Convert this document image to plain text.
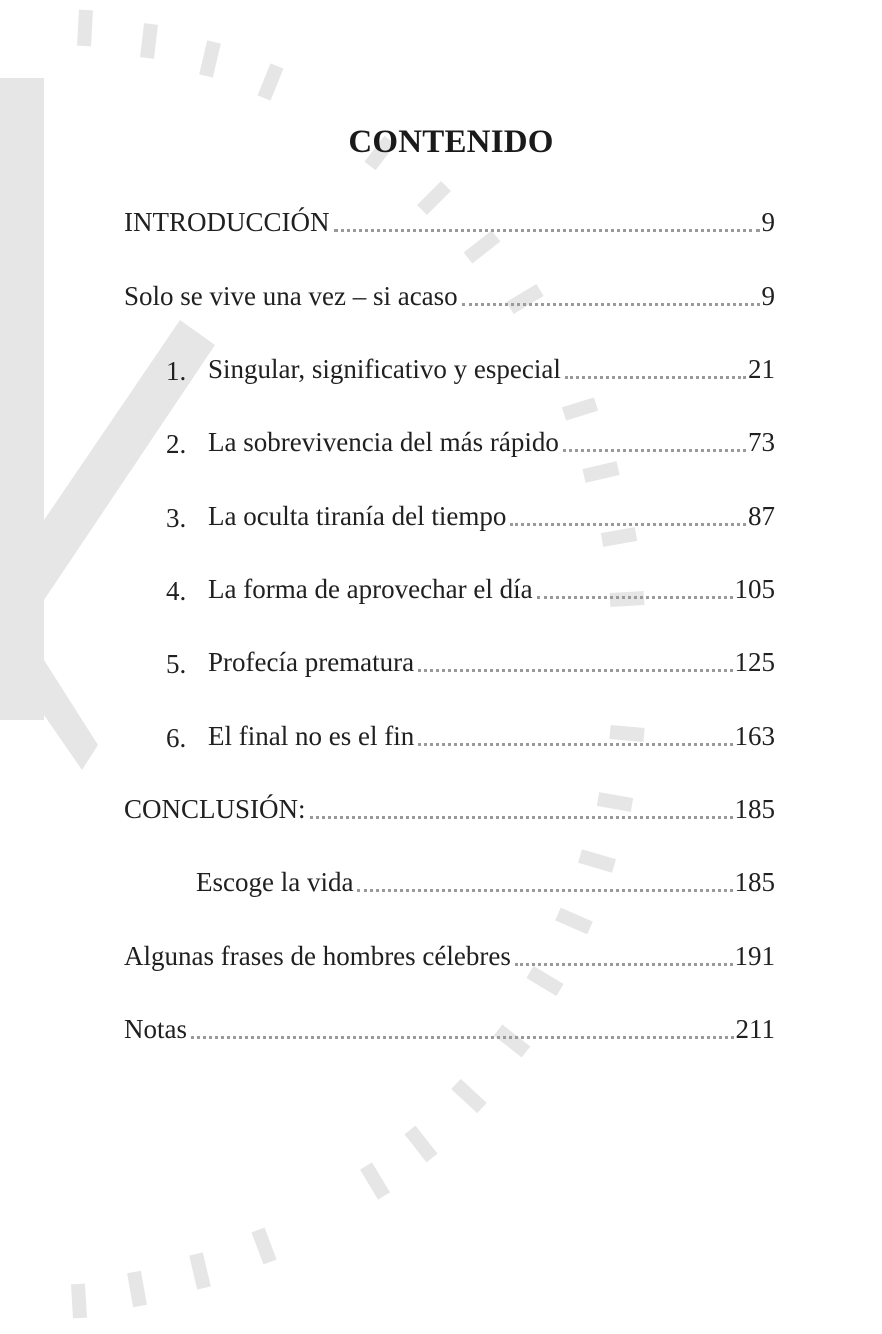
CONTENIDO
INTRODUCCIÓN	9
Solo se vive una vez – si acaso	9
1. Singular, significativo y especial	21
2. La sobrevivencia del más rápido	73
3. La oculta tiranía del tiempo	87
4. La forma de aprovechar el día	105
5. Profecía prematura	125
6. El final no es el fin	163
CONCLUSIÓN:	185
Escoge la vida	185
Algunas frases de hombres célebres	191
Notas	211
